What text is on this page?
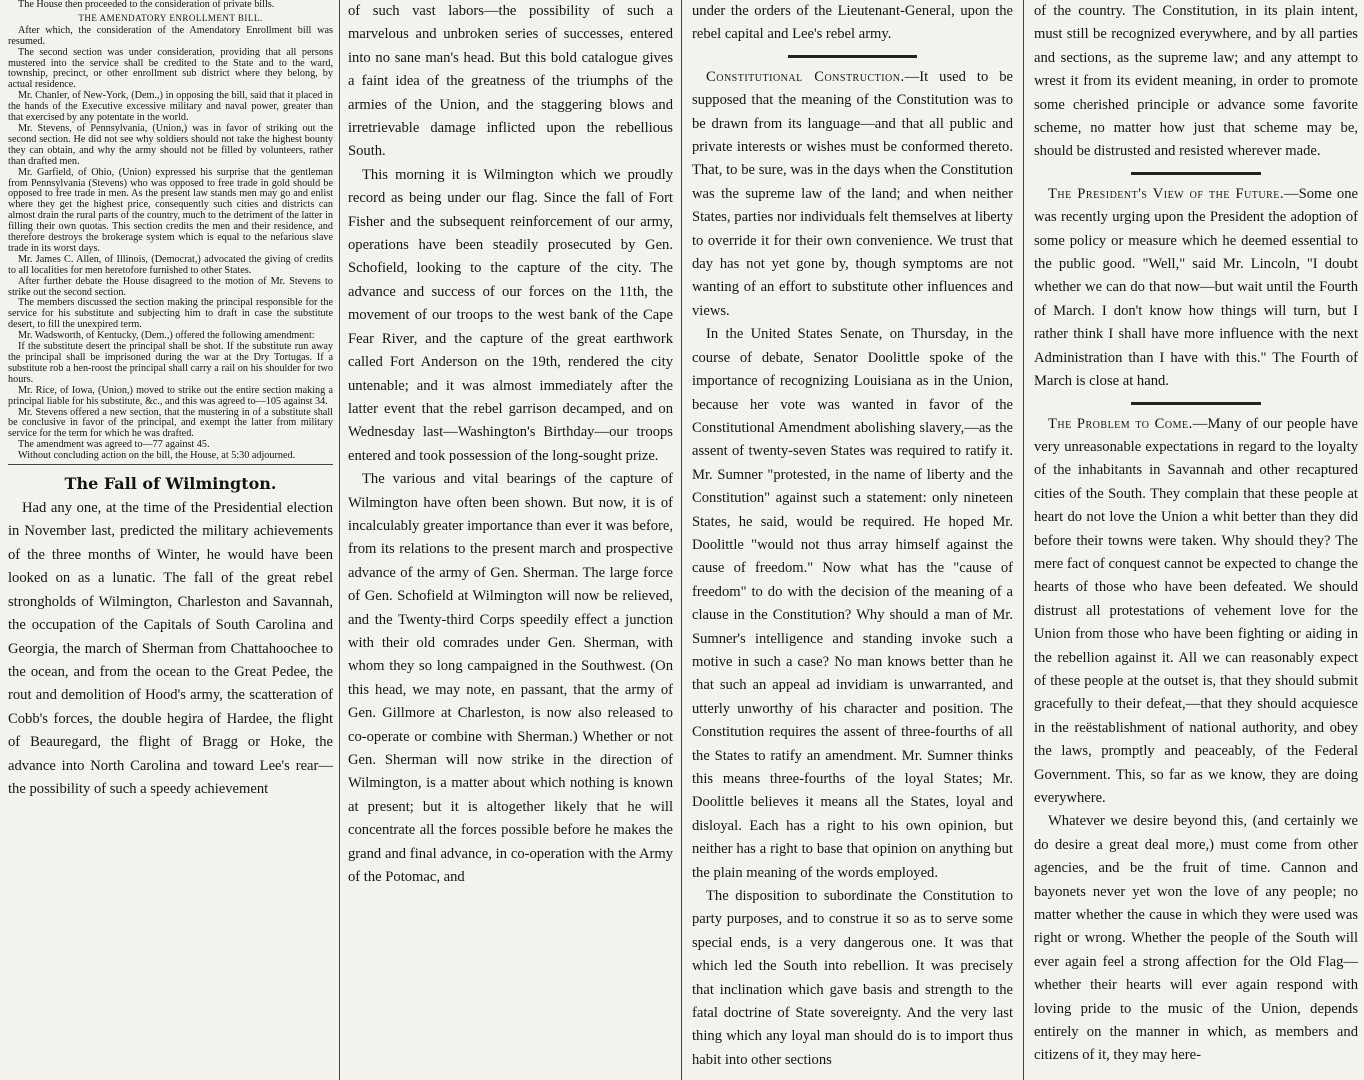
The House then proceeded to the consideration of private bills.

THE AMENDATORY ENROLLMENT BILL.

After which, the consideration of the Amendatory Enrollment bill was resumed.

The second section was under consideration, providing that all persons mustered into the service shall be credited to the State and to the ward, township, precinct, or other enrollment sub district where they belong, by actual residence.

Mr. Chanler, of New-York, (Dem.,) in opposing the bill, said that it placed in the hands of the Executive excessive military and naval power, greater than that exercised by any potentate in the world.

Mr. Stevens, of Pennsylvania, (Union,) was in favor of striking out the second section. He did not see why soldiers should not take the highest bounty they can obtain, and why the army should not be filled by volunteers, rather than drafted men.

Mr. Garfield, of Ohio, (Union) expressed his surprise that the gentleman from Pennsylvania (Stevens) who was opposed to free trade in gold should be opposed to free trade in men. As the present law stands men may go and enlist where they get the highest price, consequently such cities and districts can almost drain the rural parts of the country, much to the detriment of the latter in filling their own quotas. This section credits the men and their residence, and therefore destroys the brokerage system which is equal to the nefarious slave trade in its worst days.

Mr. James C. Allen, of Illinois, (Democrat,) advocated the giving of credits to all localities for men heretofore furnished to other States.

After further debate the House disagreed to the motion of Mr. Stevens to strike out the second section.

The members discussed the section making the principal responsible for the service for his substitute and subjecting him to draft in case the substitute desert, to fill the unexpired term.

Mr. Wadsworth, of Kentucky, (Dem.,) offered the following amendment:

If the substitute desert the principal shall be shot. If the substitute run away the principal shall be imprisoned during the war at the Dry Tortugas. If a substitute rob a hen-roost the principal shall carry a rail on his shoulder for two hours.

Mr. Rice, of Iowa, (Union,) moved to strike out the entire section making a principal liable for his substitute, &c., and this was agreed to—105 against 34.

Mr. Stevens offered a new section, that the mustering in of a substitute shall be conclusive in favor of the principal, and exempt the latter from military service for the term for which he was drafted.

The amendment was agreed to—77 against 45.

Without concluding action on the bill, the House, at 5:30 adjourned.

The Fall of Wilmington.

Had any one, at the time of the Presidential election in November last, predicted the military achievements of the three months of Winter, he would have been looked on as a lunatic. The fall of the great rebel strongholds of Wilmington, Charleston and Savannah, the occupation of the Capitals of South Carolina and Georgia, the march of Sherman from Chattahoochee to the ocean, and from the ocean to the Great Pedee, the rout and demolition of Hood's army, the scatteration of Cobb's forces, the double hegira of Hardee, the flight of Beauregard, the flight of Bragg or Hoke, the advance into North Carolina and toward Lee's rear—the possibility of such a speedy achievement

of such vast labors—the possibility of such a marvelous and unbroken series of successes, entered into no sane man's head. But this bold catalogue gives a faint idea of the greatness of the triumphs of the armies of the Union, and the staggering blows and irretrievable damage inflicted upon the rebellious South.

This morning it is Wilmington which we proudly record as being under our flag. Since the fall of Fort Fisher and the subsequent reinforcement of our army, operations have been steadily prosecuted by Gen. Schofield, looking to the capture of the city. The advance and success of our forces on the 11th, the movement of our troops to the west bank of the Cape Fear River, and the capture of the great earthwork called Fort Anderson on the 19th, rendered the city untenable; and it was almost immediately after the latter event that the rebel garrison decamped, and on Wednesday last—Washington's Birthday—our troops entered and took possession of the long-sought prize.

The various and vital bearings of the capture of Wilmington have often been shown. But now, it is of incalculably greater importance than ever it was before, from its relations to the present march and prospective advance of the army of Gen. Sherman. The large force of Gen. Schofield at Wilmington will now be relieved, and the Twenty-third Corps speedily effect a junction with their old comrades under Gen. Sherman, with whom they so long campaigned in the Southwest. (On this head, we may note, en passant, that the army of Gen. Gillmore at Charleston, is now also released to co-operate or combine with Sherman.) Whether or not Gen. Sherman will now strike in the direction of Wilmington, is a matter about which nothing is known at present; but it is altogether likely that he will concentrate all the forces possible before he makes the grand and final advance, in co-operation with the Army of the Potomac, and

under the orders of the Lieutenant-General, upon the rebel capital and Lee's rebel army.

Constitutional Construction.—It used to be supposed that the meaning of the Constitution was to be drawn from its language—and that all public and private interests or wishes must be conformed thereto. That, to be sure, was in the days when the Constitution was the supreme law of the land; and when neither States, parties nor individuals felt themselves at liberty to override it for their own convenience. We trust that day has not yet gone by, though symptoms are not wanting of an effort to substitute other influences and views.

In the United States Senate, on Thursday, in the course of debate, Senator Doolittle spoke of the importance of recognizing Louisiana as in the Union, because her vote was wanted in favor of the Constitutional Amendment abolishing slavery,—as the assent of twenty-seven States was required to ratify it. Mr. Sumner "protested, in the name of liberty and the Constitution" against such a statement: only nineteen States, he said, would be required. He hoped Mr. Doolittle "would not thus array himself against the cause of freedom." Now what has the "cause of freedom" to do with the decision of the meaning of a clause in the Constitution? Why should a man of Mr. Sumner's intelligence and standing invoke such a motive in such a case? No man knows better than he that such an appeal ad invidiam is unwarranted, and utterly unworthy of his character and position. The Constitution requires the assent of three-fourths of all the States to ratify an amendment. Mr. Sumner thinks this means three-fourths of the loyal States; Mr. Doolittle believes it means all the States, loyal and disloyal. Each has a right to his own opinion, but neither has a right to base that opinion on anything but the plain meaning of the words employed.

The disposition to subordinate the Constitution to party purposes, and to construe it so as to serve some special ends, is a very dangerous one. It was that which led the South into rebellion. It was precisely that inclination which gave basis and strength to the fatal doctrine of State sovereignty. And the very last thing which any loyal man should do is to import thus habit into other sections

of the country. The Constitution, in its plain intent, must still be recognized everywhere, and by all parties and sections, as the supreme law; and any attempt to wrest it from its evident meaning, in order to promote some cherished principle or advance some favorite scheme, no matter how just that scheme may be, should be distrusted and resisted wherever made.

The President's View of the Future.—Some one was recently urging upon the President the adoption of some policy or measure which he deemed essential to the public good. "Well," said Mr. Lincoln, "I doubt whether we can do that now—but wait until the Fourth of March. I don't know how things will turn, but I rather think I shall have more influence with the next Administration than I have with this." The Fourth of March is close at hand.

The Problem to Come.—Many of our people have very unreasonable expectations in regard to the loyalty of the inhabitants in Savannah and other recaptured cities of the South. They complain that these people at heart do not love the Union a whit better than they did before their towns were taken. Why should they? The mere fact of conquest cannot be expected to change the hearts of those who have been defeated. We should distrust all protestations of vehement love for the Union from those who have been fighting or aiding in the rebellion against it. All we can reasonably expect of these people at the outset is, that they should submit gracefully to their defeat,—that they should acquiesce in the reëstablishment of national authority, and obey the laws, promptly and peaceably, of the Federal Government. This, so far as we know, they are doing everywhere.

Whatever we desire beyond this, (and certainly we do desire a great deal more,) must come from other agencies, and be the fruit of time. Cannon and bayonets never yet won the love of any people; no matter whether the cause in which they were used was right or wrong. Whether the people of the South will ever again feel a strong affection for the Old Flag—whether their hearts will ever again respond with loving pride to the music of the Union, depends entirely on the manner in which, as members and citizens of it, they may here-
